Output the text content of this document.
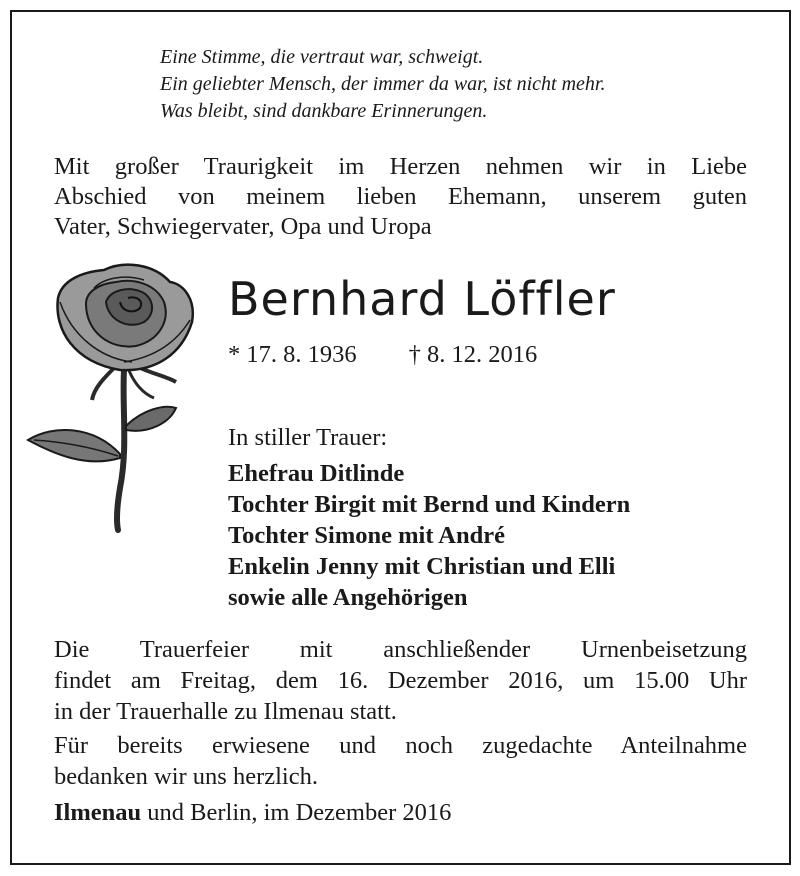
Eine Stimme, die vertraut war, schweigt.
Ein geliebter Mensch, der immer da war, ist nicht mehr.
Was bleibt, sind dankbare Erinnerungen.
Mit großer Traurigkeit im Herzen nehmen wir in Liebe
Abschied von meinem lieben Ehemann, unserem guten
Vater, Schwiegervater, Opa und Uropa
Bernhard Löffler
* 17. 8. 1936 † 8. 12. 2016
In stiller Trauer:
Ehefrau Ditlinde
Tochter Birgit mit Bernd und Kindern
Tochter Simone mit André
Enkelin Jenny mit Christian und Elli
sowie alle Angehörigen
Die Trauerfeier mit anschließender Urnenbeisetzung
findet am Freitag, dem 16. Dezember 2016, um 15.00 Uhr
in der Trauerhalle zu Ilmenau statt.
Für bereits erwiesene und noch zugedachte Anteilnahme
bedanken wir uns herzlich.
Ilmenau und Berlin, im Dezember 2016
